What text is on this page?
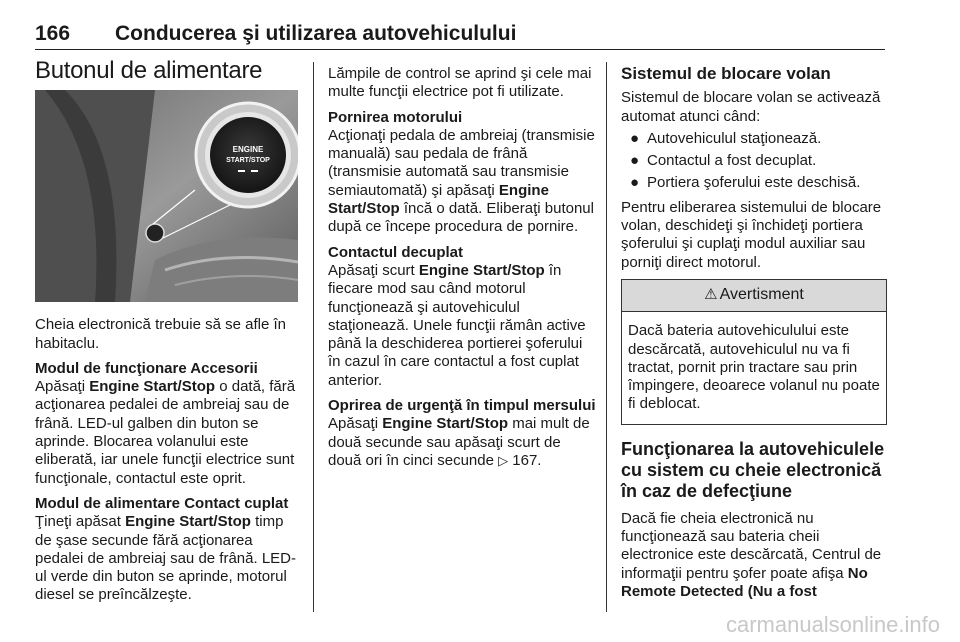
166 Conducerea şi utilizarea autovehiculului
Butonul de alimentare
ENGINE
START/STOP

Cheia electronică trebuie să se afle în habitaclu.

Modul de funcţionare Accesorii
Apăsaţi Engine Start/Stop o dată, fără acţionarea pedalei de ambreiaj sau de frână. LED-ul galben din buton se aprinde. Blocarea volanului este eliberată, iar unele funcţii electrice sunt funcţionale, contactul este oprit.

Modul de alimentare Contact cuplat
Ţineţi apăsat Engine Start/Stop timp de şase secunde fără acţionarea pedalei de ambreiaj sau de frână. LED-ul verde din buton se aprinde, motorul diesel se preîncălzeşte.

Lămpile de control se aprind şi cele mai multe funcţii electrice pot fi utilizate.

Pornirea motorului
Acţionaţi pedala de ambreiaj (transmisie manuală) sau pedala de frână (transmisie automată sau transmisie semiautomată) şi apăsaţi Engine Start/Stop încă o dată. Eliberaţi butonul după ce începe procedura de pornire.

Contactul decuplat
Apăsaţi scurt Engine Start/Stop în fiecare mod sau când motorul funcţionează şi autovehiculul staţionează. Unele funcţii rămân active până la deschiderea portierei şoferului în cazul în care contactul a fost cuplat anterior.

Oprirea de urgenţă în timpul mersului
Apăsaţi Engine Start/Stop mai mult de două secunde sau apăsaţi scurt de două ori în cinci secunde ▷ 167.

Sistemul de blocare volan

Sistemul de blocare volan se activează automat atunci când:

● Autovehiculul staţionează.
● Contactul a fost decuplat.
● Portiera şoferului este deschisă.

Pentru eliberarea sistemului de blocare volan, deschideţi şi închideţi portiera şoferului şi cuplaţi modul auxiliar sau porniţi direct motorul.

⚠ Avertisment
Dacă bateria autovehiculului este descărcată, autovehiculul nu va fi tractat, pornit prin tractare sau prin împingere, deoarece volanul nu poate fi deblocat.
Funcţionarea la autovehiculele cu sistem cu cheie electronică în caz de defecţiune

Dacă fie cheia electronică nu funcţionează sau bateria cheii electronice este descărcată, Centrul de informaţii pentru şofer poate afişa No Remote Detected (Nu a fost

carmanualsonline.info
